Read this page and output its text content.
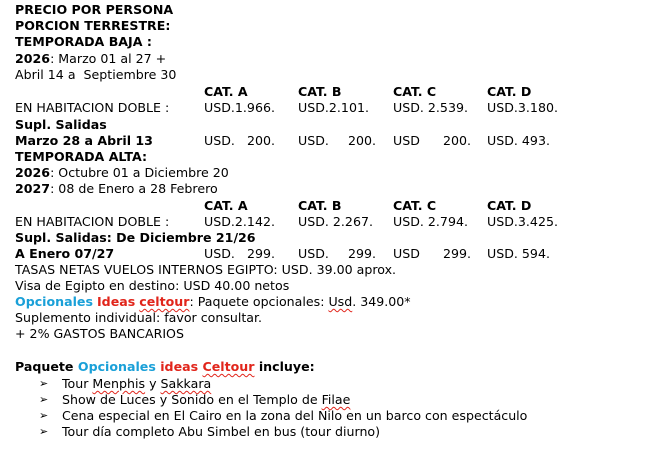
PRECIO POR PERSONA
PORCION TERRESTRE:
TEMPORADA BAJA :
2026: Marzo 01 al 27 +
Abril 14 a  Septiembre 30
CAT. A	CAT. B	CAT. C	CAT. D
EN HABITACION DOBLE :	USD.1.966. USD.2.101. USD. 2.539. USD.3.180.
Supl. Salidas
Marzo 28 a Abril 13	USD. 200. USD. 200. USD 200. USD. 493.
TEMPORADA ALTA:
2026: Octubre 01 a Diciembre 20
2027: 08 de Enero a 28 Febrero
CAT. A	CAT. B	CAT. C	CAT. D
EN HABITACION DOBLE :	USD.2.142. USD. 2.267. USD. 2.794. USD.3.425.
Supl. Salidas: De Diciembre 21/26
A Enero 07/27	USD. 299. USD. 299. USD 299. USD. 594.
TASAS NETAS VUELOS INTERNOS EGIPTO: USD. 39.00 aprox.
Visa de Egipto en destino: USD 40.00 netos
Opcionales Ideas celtour: Paquete opcionales: Usd. 349.00*
Suplemento individual: favor consultar.
+ 2% GASTOS BANCARIOS
Paquete Opcionales ideas Celtour incluye:
➢ Tour Menphis y Sakkara
➢ Show de Luces y Sonido en el Templo de Filae
➢ Cena especial en El Cairo en la zona del Nilo en un barco con espectáculo
➢ Tour día completo Abu Simbel en bus (tour diurno)
